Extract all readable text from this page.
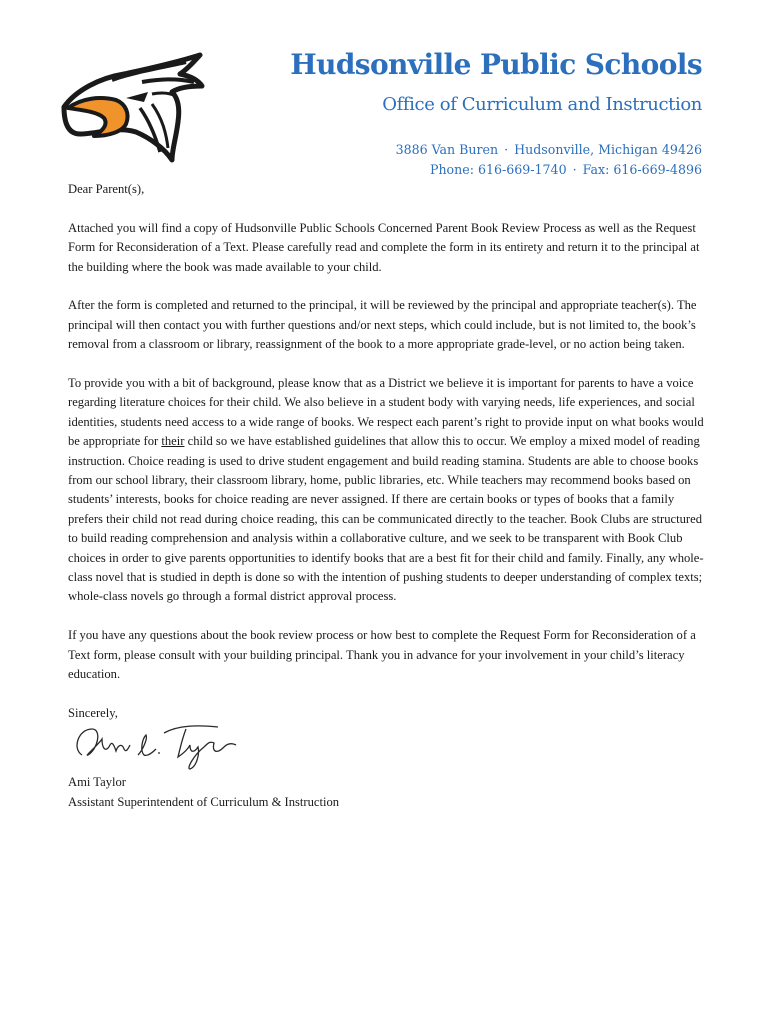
Hudsonville Public Schools
Office of Curriculum and Instruction
3886 Van Buren · Hudsonville, Michigan 49426
Phone: 616-669-1740 · Fax: 616-669-4896

Dear Parent(s),

Attached you will find a copy of Hudsonville Public Schools Concerned Parent Book Review Process as well as the Request Form for Reconsideration of a Text. Please carefully read and complete the form in its entirety and return it to the principal at the building where the book was made available to your child.

After the form is completed and returned to the principal, it will be reviewed by the principal and appropriate teacher(s). The principal will then contact you with further questions and/or next steps, which could include, but is not limited to, the book’s removal from a classroom or library, reassignment of the book to a more appropriate grade-level, or no action being taken.

To provide you with a bit of background, please know that as a District we believe it is important for parents to have a voice regarding literature choices for their child. We also believe in a student body with varying needs, life experiences, and social identities, students need access to a wide range of books. We respect each parent’s right to provide input on what books would be appropriate for their child so we have established guidelines that allow this to occur. We employ a mixed model of reading instruction. Choice reading is used to drive student engagement and build reading stamina. Students are able to choose books from our school library, their classroom library, home, public libraries, etc. While teachers may recommend books based on students’ interests, books for choice reading are never assigned. If there are certain books or types of books that a family prefers their child not read during choice reading, this can be communicated directly to the teacher. Book Clubs are structured to build reading comprehension and analysis within a collaborative culture, and we seek to be transparent with Book Club choices in order to give parents opportunities to identify books that are a best fit for their child and family. Finally, any whole-class novel that is studied in depth is done so with the intention of pushing students to deeper understanding of complex texts; whole-class novels go through a formal district approval process.

If you have any questions about the book review process or how best to complete the Request Form for Reconsideration of a Text form, please consult with your building principal. Thank you in advance for your involvement in your child’s literacy education.

Sincerely,

Ami Taylor
Assistant Superintendent of Curriculum & Instruction
